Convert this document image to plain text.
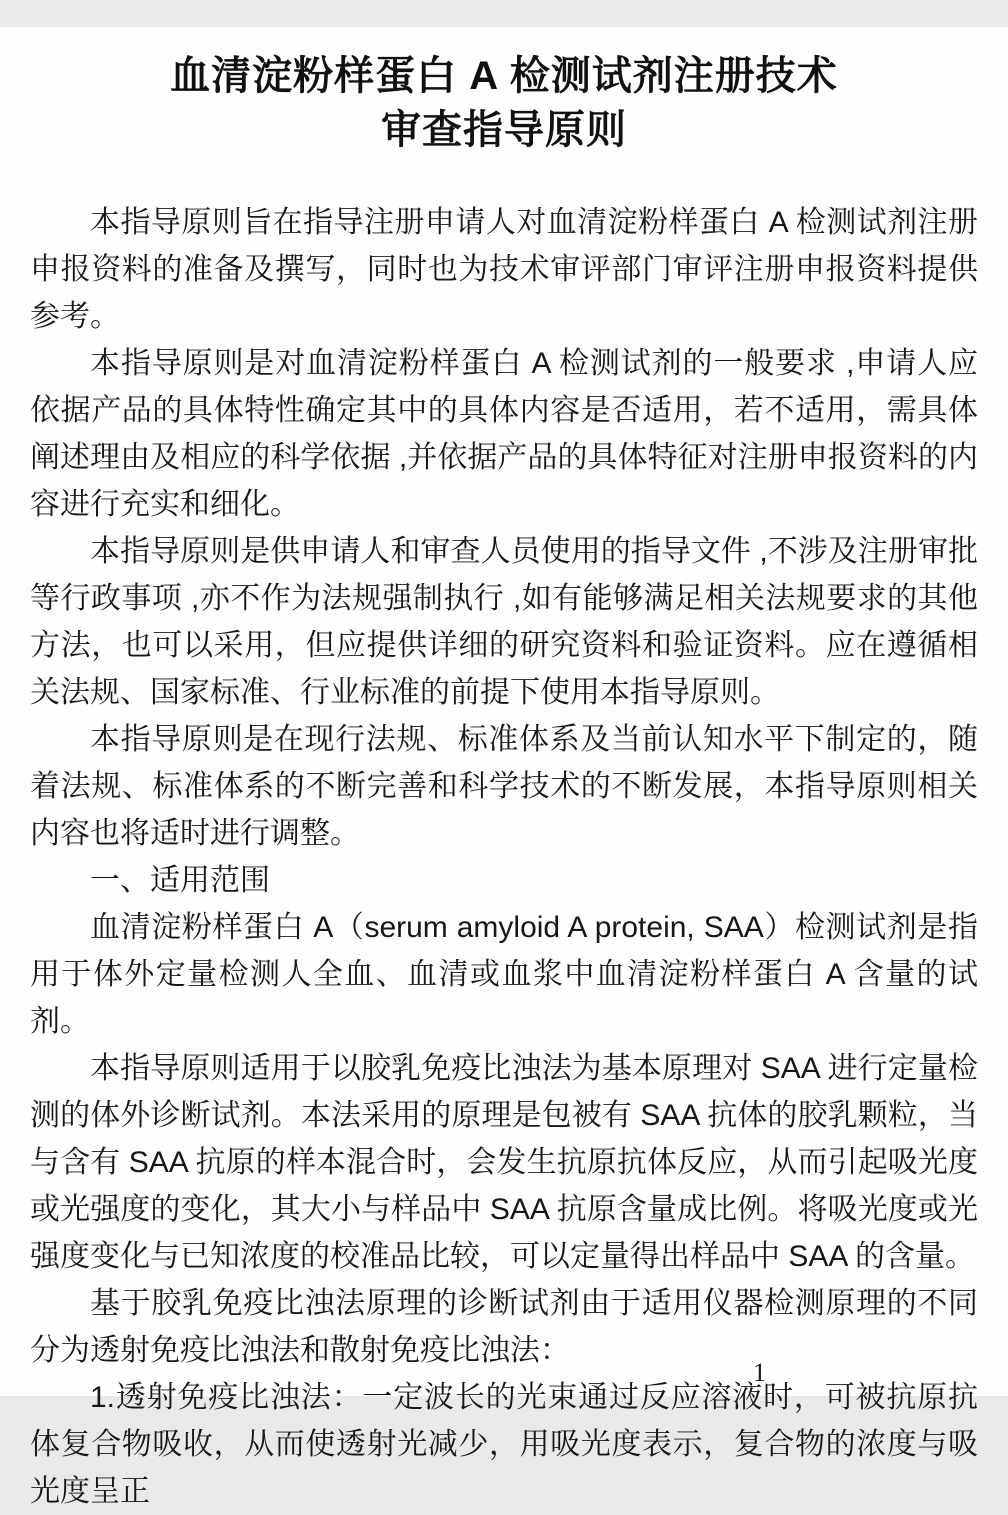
血清淀粉样蛋白 A 检测试剂注册技术
审查指导原则

本指导原则旨在指导注册申请人对血清淀粉样蛋白 A 检测试剂注册申报资料的准备及撰写，同时也为技术审评部门审评注册申报资料提供参考。

本指导原则是对血清淀粉样蛋白 A 检测试剂的一般要求 ,申请人应依据产品的具体特性确定其中的具体内容是否适用，若不适用，需具体阐述理由及相应的科学依据 ,并依据产品的具体特征对注册申报资料的内容进行充实和细化。

本指导原则是供申请人和审查人员使用的指导文件 ,不涉及注册审批等行政事项 ,亦不作为法规强制执行 ,如有能够满足相关法规要求的其他方法，也可以采用，但应提供详细的研究资料和验证资料。应在遵循相关法规、国家标准、行业标准的前提下使用本指导原则。

本指导原则是在现行法规、标准体系及当前认知水平下制定的，随着法规、标准体系的不断完善和科学技术的不断发展，本指导原则相关内容也将适时进行调整。

一、适用范围

血清淀粉样蛋白 A（serum amyloid A protein, SAA）检测试剂是指用于体外定量检测人全血、血清或血浆中血清淀粉样蛋白 A 含量的试剂。

本指导原则适用于以胶乳免疫比浊法为基本原理对 SAA 进行定量检测的体外诊断试剂。本法采用的原理是包被有 SAA 抗体的胶乳颗粒，当与含有 SAA 抗原的样本混合时，会发生抗原抗体反应，从而引起吸光度或光强度的变化，其大小与样品中 SAA 抗原含量成比例。将吸光度或光强度变化与已知浓度的校准品比较，可以定量得出样品中 SAA 的含量。

基于胶乳免疫比浊法原理的诊断试剂由于适用仪器检测原理的不同分为透射免疫比浊法和散射免疫比浊法：

1.透射免疫比浊法：一定波长的光束通过反应溶液时，可被抗原抗体复合物吸收，从而使透射光减少，用吸光度表示，复合物的浓度与吸光度呈正

1
